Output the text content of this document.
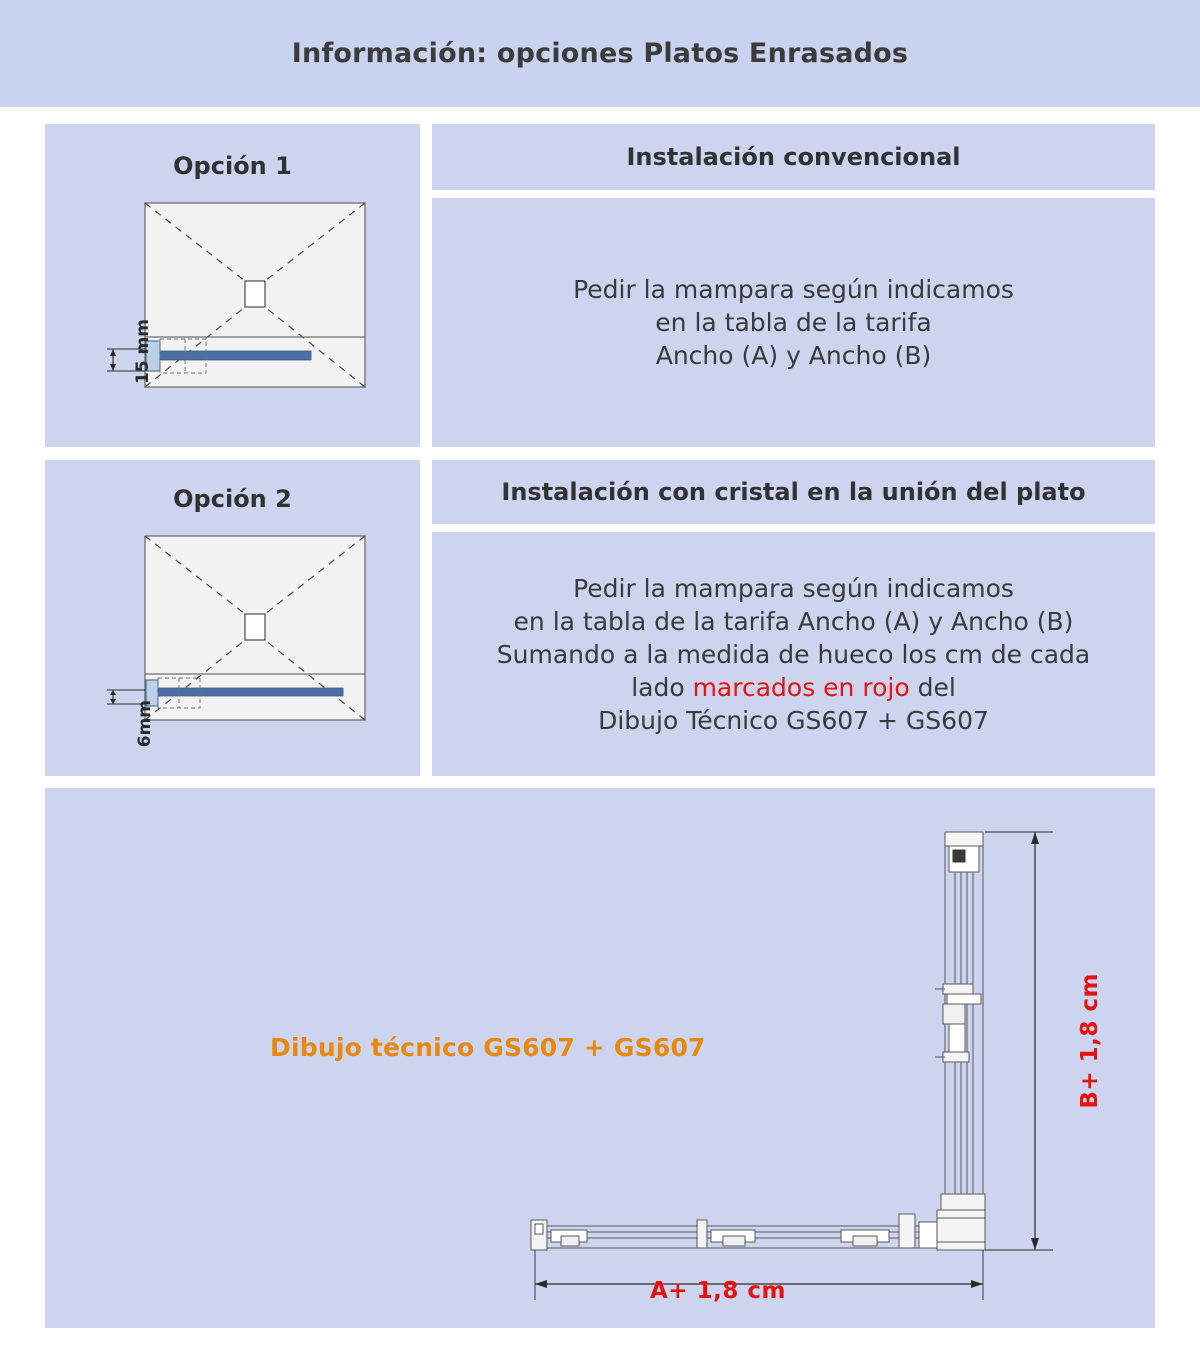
Información: opciones Platos Enrasados
Opción 1
15 mm
Instalación convencional
Pedir la mampara según indicamos
en la tabla de la tarifa
Ancho (A) y Ancho (B)
Opción 2
6mm
Instalación con cristal en la unión del plato
Pedir la mampara según indicamos
en la tabla de la tarifa Ancho (A) y Ancho (B)
Sumando a la medida de hueco los cm de cada
lado marcados en rojo del
Dibujo Técnico GS607 + GS607
Dibujo técnico GS607 + GS607	B+ 1,8 cm
A+ 1,8 cm
